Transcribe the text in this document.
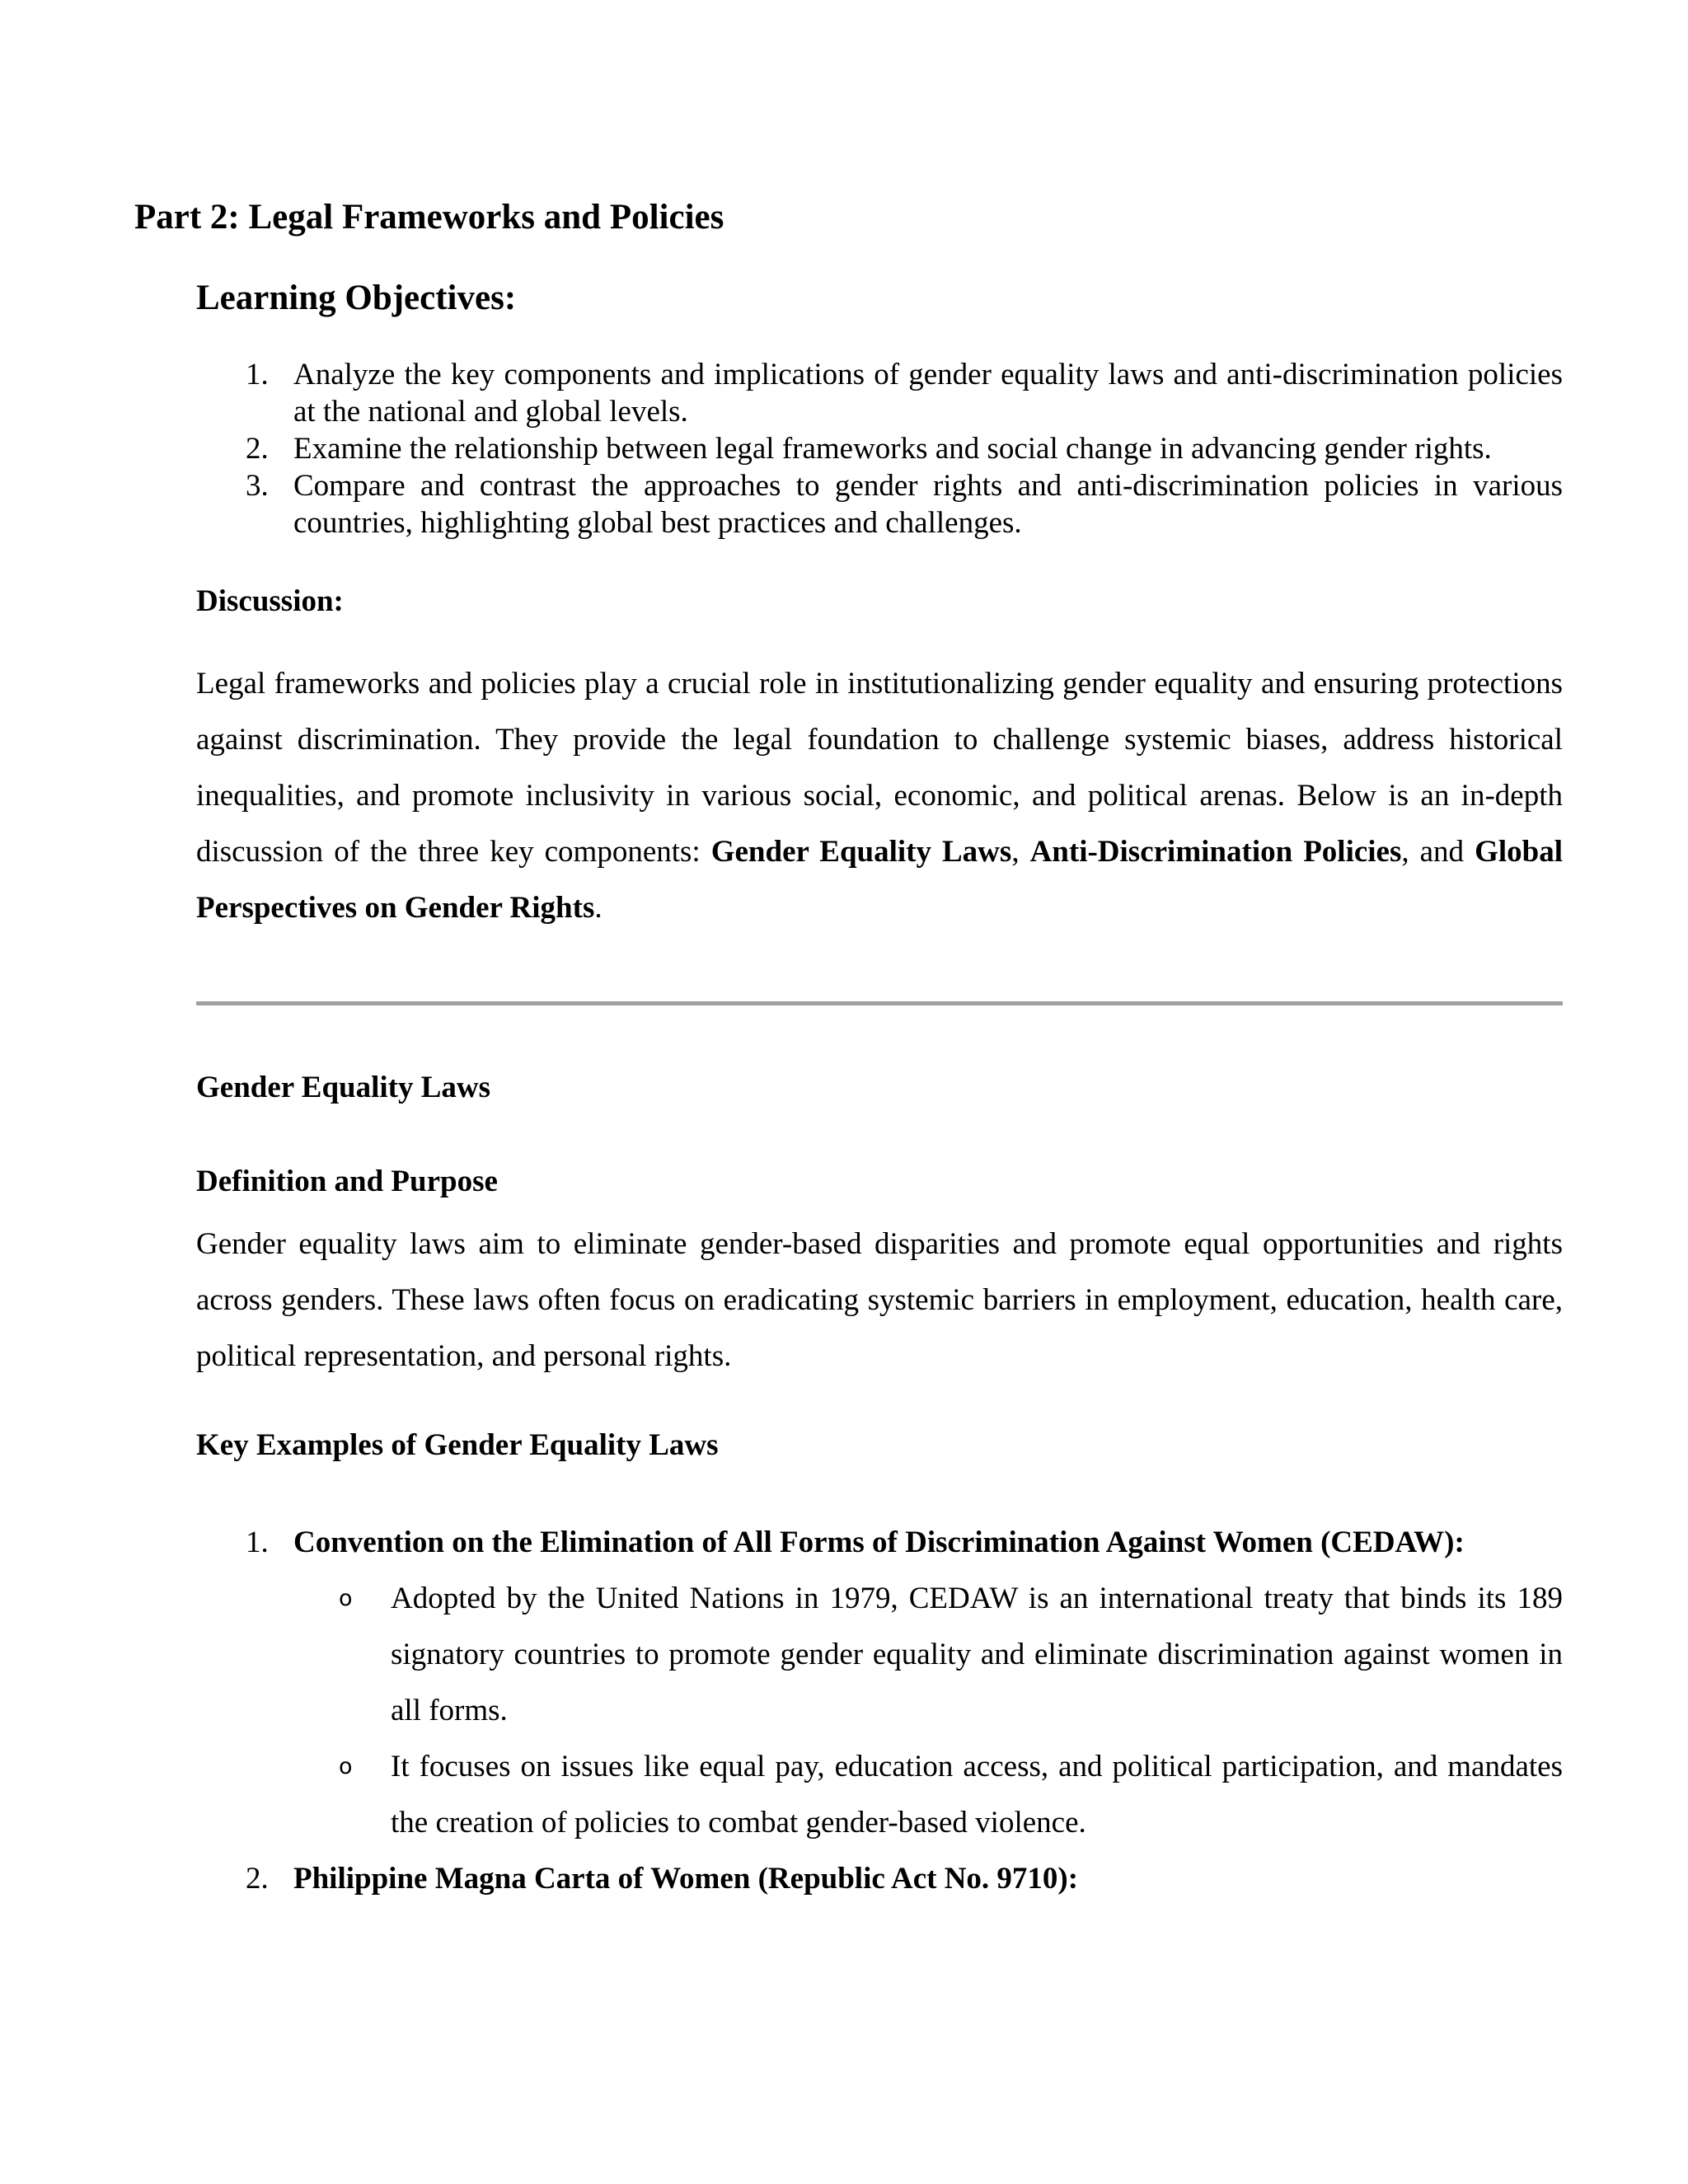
Part 2: Legal Frameworks and Policies
Learning Objectives:
1. Analyze the key components and implications of gender equality laws and anti-discrimination policies at the national and global levels.
2. Examine the relationship between legal frameworks and social change in advancing gender rights.
3. Compare and contrast the approaches to gender rights and anti-discrimination policies in various countries, highlighting global best practices and challenges.
Discussion:

Legal frameworks and policies play a crucial role in institutionalizing gender equality and ensuring protections against discrimination. They provide the legal foundation to challenge systemic biases, address historical inequalities, and promote inclusivity in various social, economic, and political arenas. Below is an in-depth discussion of the three key components: Gender Equality Laws, Anti-Discrimination Policies, and Global Perspectives on Gender Rights.

Gender Equality Laws
Definition and Purpose

Gender equality laws aim to eliminate gender-based disparities and promote equal opportunities and rights across genders. These laws often focus on eradicating systemic barriers in employment, education, health care, political representation, and personal rights.

Key Examples of Gender Equality Laws
1. Convention on the Elimination of All Forms of Discrimination Against Women (CEDAW):
o	Adopted by the United Nations in 1979, CEDAW is an international treaty that binds its 189 signatory countries to promote gender equality and eliminate discrimination against women in all forms.
o	It focuses on issues like equal pay, education access, and political participation, and mandates the creation of policies to combat gender-based violence.
2. Philippine Magna Carta of Women (Republic Act No. 9710):
